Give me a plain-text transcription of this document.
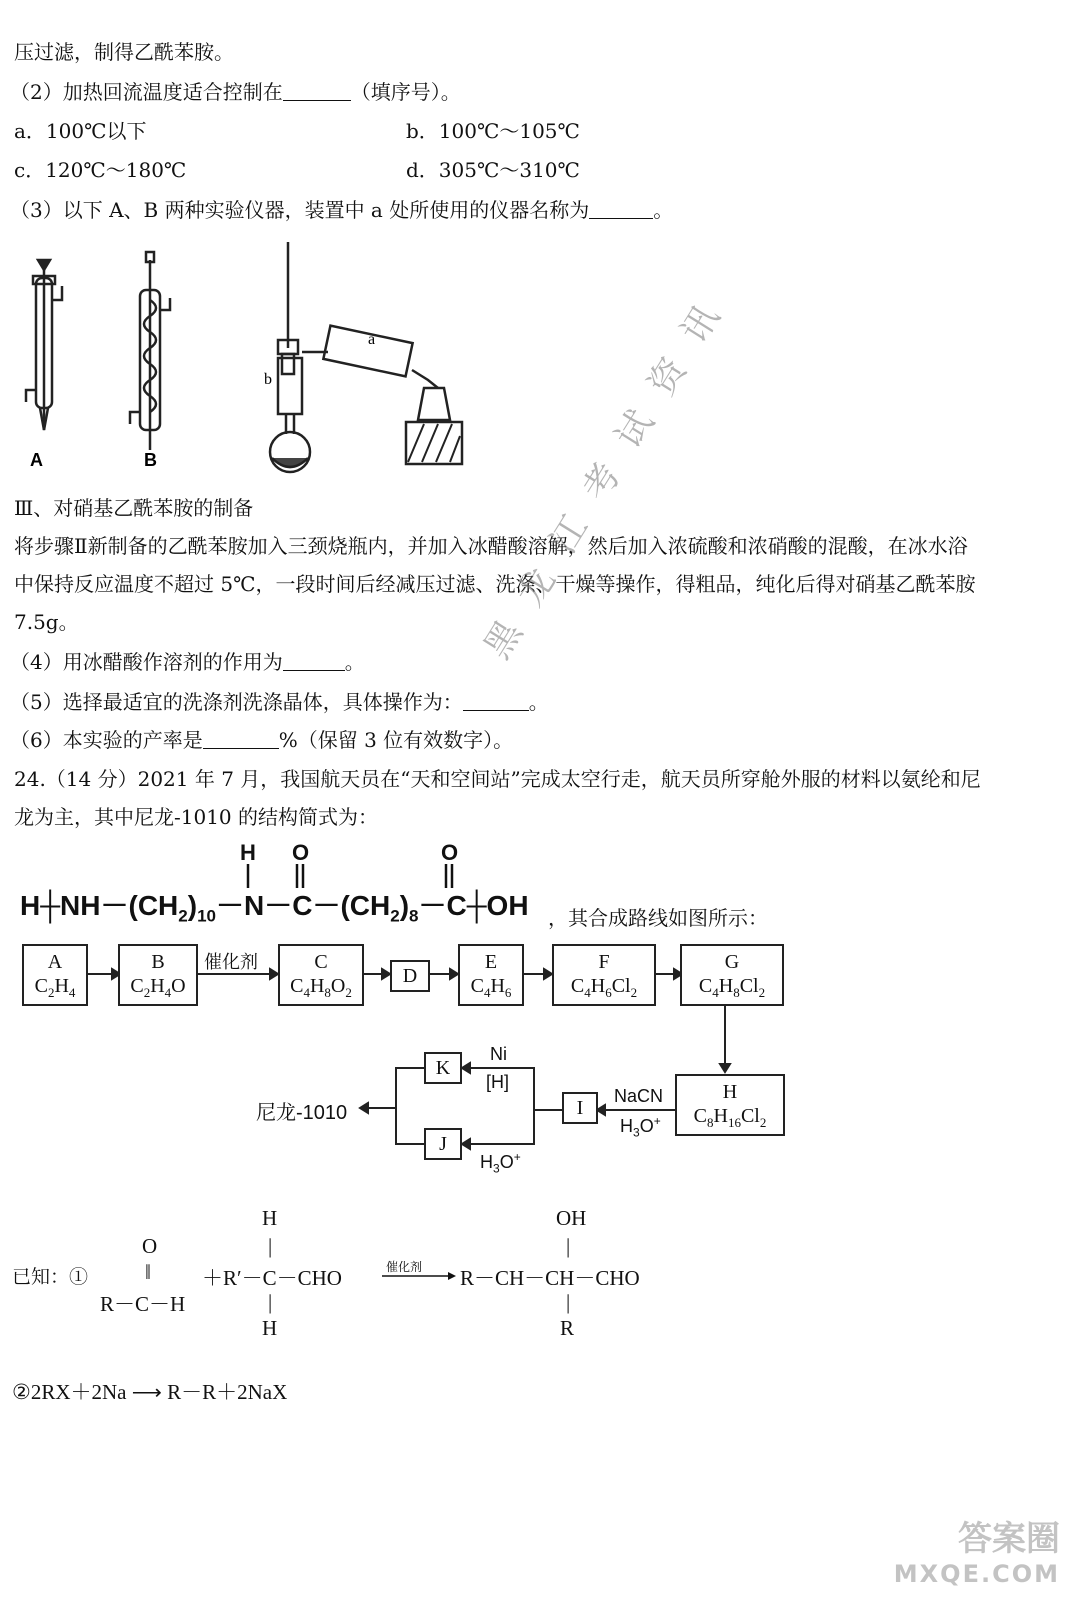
压过滤，制得乙酰苯胺。
（2）加热回流温度适合控制在	（填序号）。
a．100℃以下	b．100℃～105℃
c．120℃～180℃	d．305℃～310℃
（3）以下 A、B 两种实验仪器，装置中 a 处所使用的仪器名称为	。
A	B
a
b
Ⅲ、对硝基乙酰苯胺的制备
将步骤Ⅱ新制备的乙酰苯胺加入三颈烧瓶内，并加入冰醋酸溶解，然后加入浓硫酸和浓硝酸的混酸，在冰水浴
中保持反应温度不超过 5℃，一段时间后经减压过滤、洗涤、干燥等操作，得粗品，纯化后得对硝基乙酰苯胺
7.5g。
（4）用冰醋酸作溶剂的作用为	。
（5）选择最适宜的洗涤剂洗涤晶体，具体操作为：	。
（6）本实验的产率是	%（保留 3 位有效数字）。
24.（14 分）2021 年 7 月，我国航天员在“天和空间站”完成太空行走，航天员所穿舱外服的材料以氨纶和尼
龙为主，其中尼龙-1010 的结构简式为：
$H┼NH-(CH_2)_{10}-N-C-(CH_2)_8-C┼OH$
H O	O
，其合成路线如图所示：
A
$C_2H_4$
B
$C_2H_4O$
催化剂	C
$C_4H_8O_2$
D
E
$C_4H_6$
F
$C_4H_6Cl_2$
G
$C_4H_8Cl_2$
H
$C_8H_{16}Cl_2$
I
K
J
Ni
[H]
NaCN
$H_3O^+$
$H_3O^+$
尼龙-1010
已知：①
O
‖
R－C－H
H
|
＋R′－C－CHO
|
H
催化剂
OH
|
R－CH－CH－CHO
|
R
②2RX＋2Na ⟶ R－R＋2NaX
黑龙江考试资讯
答案圈
MXQE.COM
